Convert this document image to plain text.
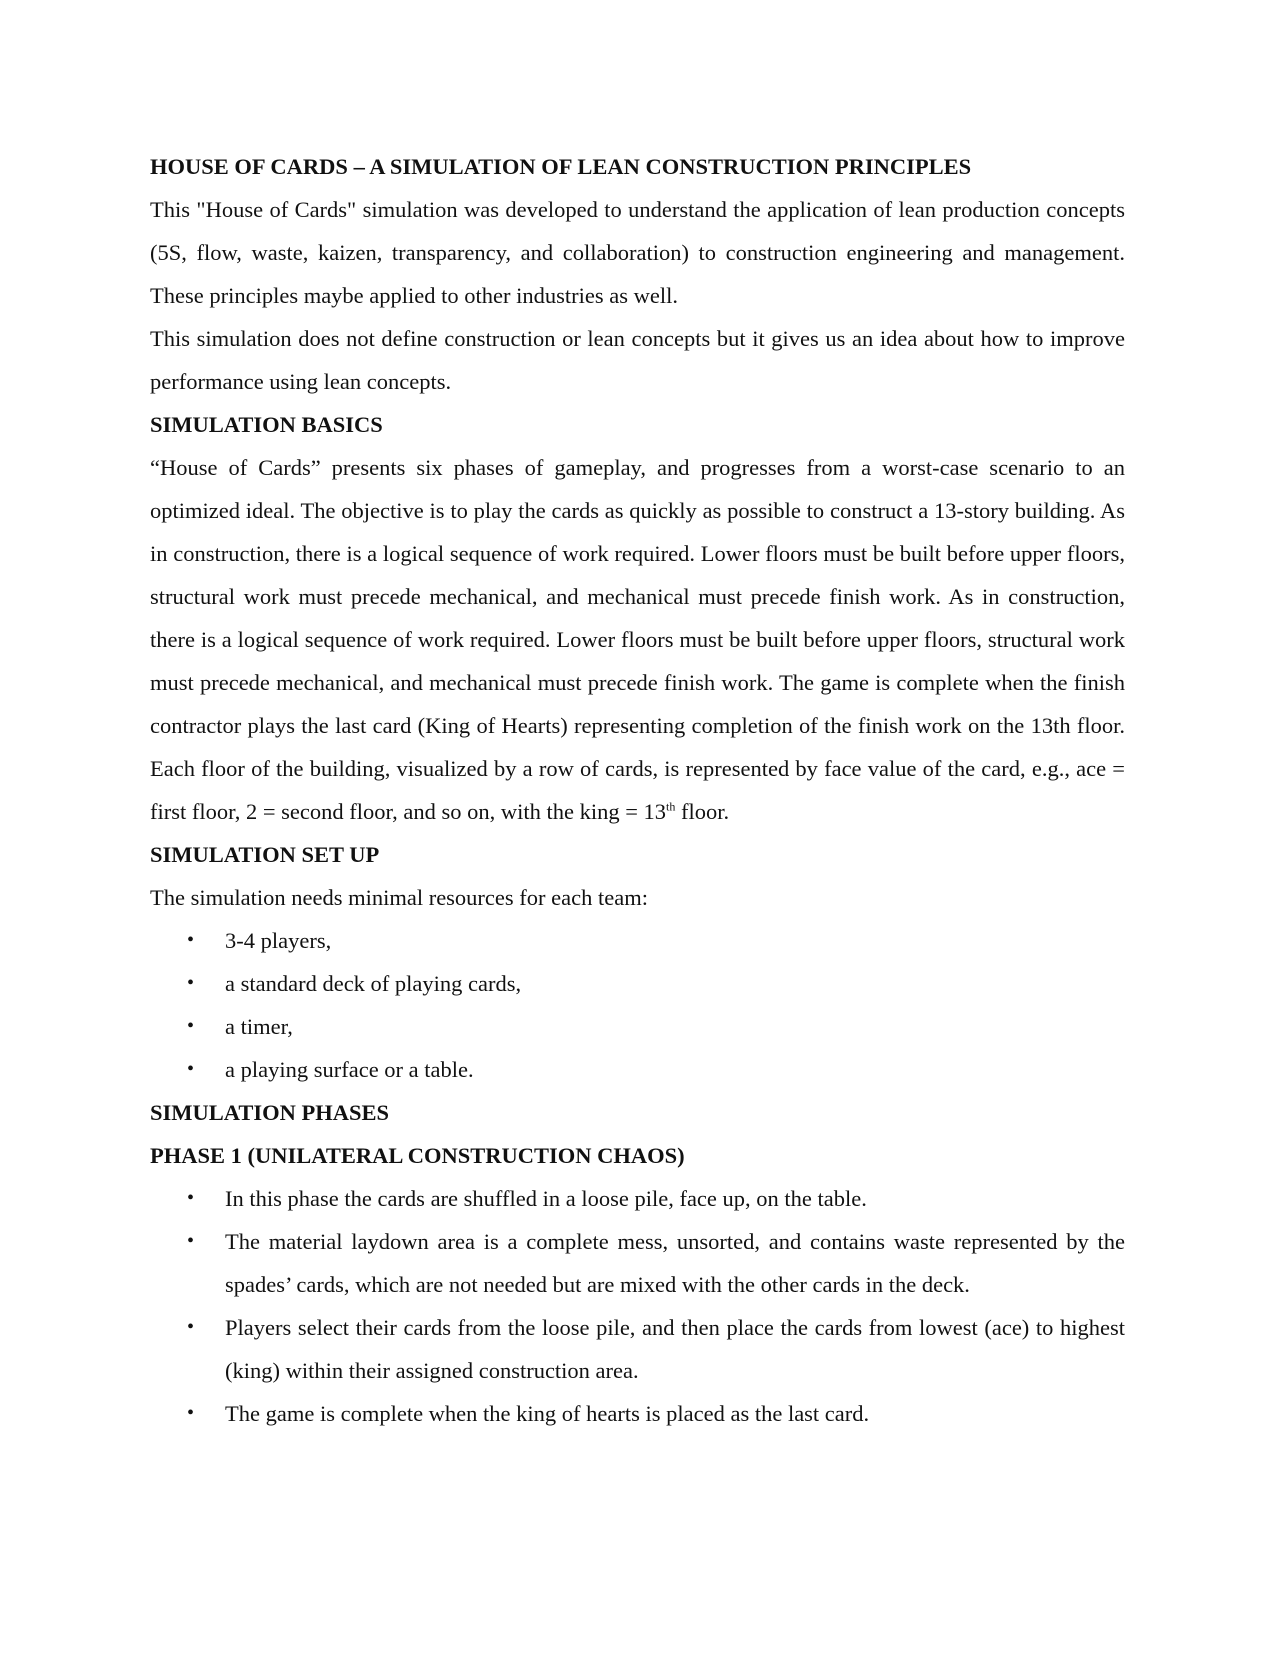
HOUSE OF CARDS – A SIMULATION OF LEAN CONSTRUCTION PRINCIPLES

This "House of Cards" simulation was developed to understand the application of lean production concepts (5S, flow, waste, kaizen, transparency, and collaboration) to construction engineering and management. These principles maybe applied to other industries as well.

This simulation does not define construction or lean concepts but it gives us an idea about how to improve performance using lean concepts.

SIMULATION BASICS

“House of Cards” presents six phases of gameplay, and progresses from a worst-case scenario to an optimized ideal. The objective is to play the cards as quickly as possible to construct a 13-story building. As in construction, there is a logical sequence of work required. Lower floors must be built before upper floors, structural work must precede mechanical, and mechanical must precede finish work. As in construction, there is a logical sequence of work required. Lower floors must be built before upper floors, structural work must precede mechanical, and mechanical must precede finish work. The game is complete when the finish contractor plays the last card (King of Hearts) representing completion of the finish work on the 13th floor. Each floor of the building, visualized by a row of cards, is represented by face value of the card, e.g., ace = first floor, 2 = second floor, and so on, with the king = 13th floor.

SIMULATION SET UP

The simulation needs minimal resources for each team:

• 3-4 players,
• a standard deck of playing cards,
• a timer,
• a playing surface or a table.

SIMULATION PHASES

PHASE 1 (UNILATERAL CONSTRUCTION CHAOS)

• In this phase the cards are shuffled in a loose pile, face up, on the table.
• The material laydown area is a complete mess, unsorted, and contains waste represented by the spades’ cards, which are not needed but are mixed with the other cards in the deck.
• Players select their cards from the loose pile, and then place the cards from lowest (ace) to highest (king) within their assigned construction area.
• The game is complete when the king of hearts is placed as the last card.
